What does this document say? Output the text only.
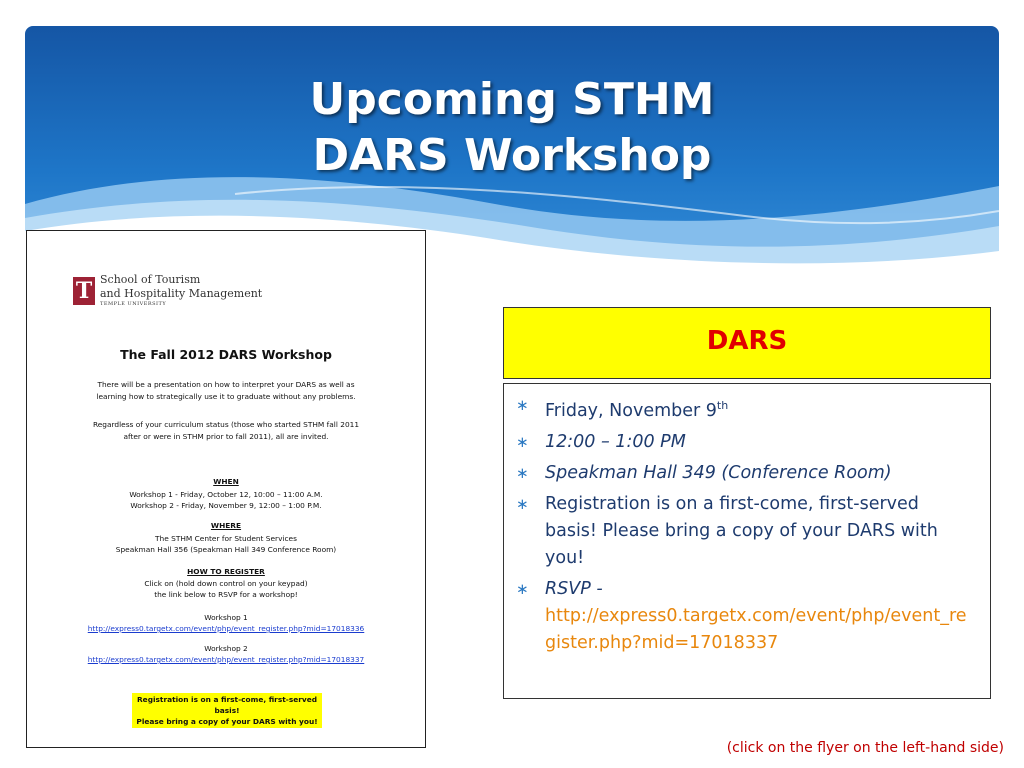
Upcoming STHM
DARS Workshop
T School of Tourism
and Hospitality Management
TEMPLE UNIVERSITY
The Fall 2012 DARS Workshop
There will be a presentation on how to interpret your DARS as well as
learning how to strategically use it to graduate without any problems.
Regardless of your curriculum status (those who started STHM fall 2011
after or were in STHM prior to fall 2011), all are invited.
WHEN
Workshop 1 - Friday, October 12, 10:00 – 11:00 A.M.
Workshop 2 - Friday, November 9, 12:00 – 1:00 P.M.
WHERE
The STHM Center for Student Services
Speakman Hall 356 (Speakman Hall 349 Conference Room)
HOW TO REGISTER
Click on (hold down control on your keypad)
the link below to RSVP for a workshop!
Workshop 1
http://express0.targetx.com/event/php/event_register.php?mid=17018336
Workshop 2
http://express0.targetx.com/event/php/event_register.php?mid=17018337
Registration is on a first-come, first-served basis!
Please bring a copy of your DARS with you!
DARS
∗ Friday, November 9th
∗ 12:00 – 1:00 PM
∗ Speakman Hall 349 (Conference Room)
∗ Registration is on a first-come, first-served basis! Please bring a copy of your DARS with you!
∗ RSVP -
http://express0.targetx.com/event/php/event_register.php?mid=17018337
(click on the flyer on the left-hand side)
